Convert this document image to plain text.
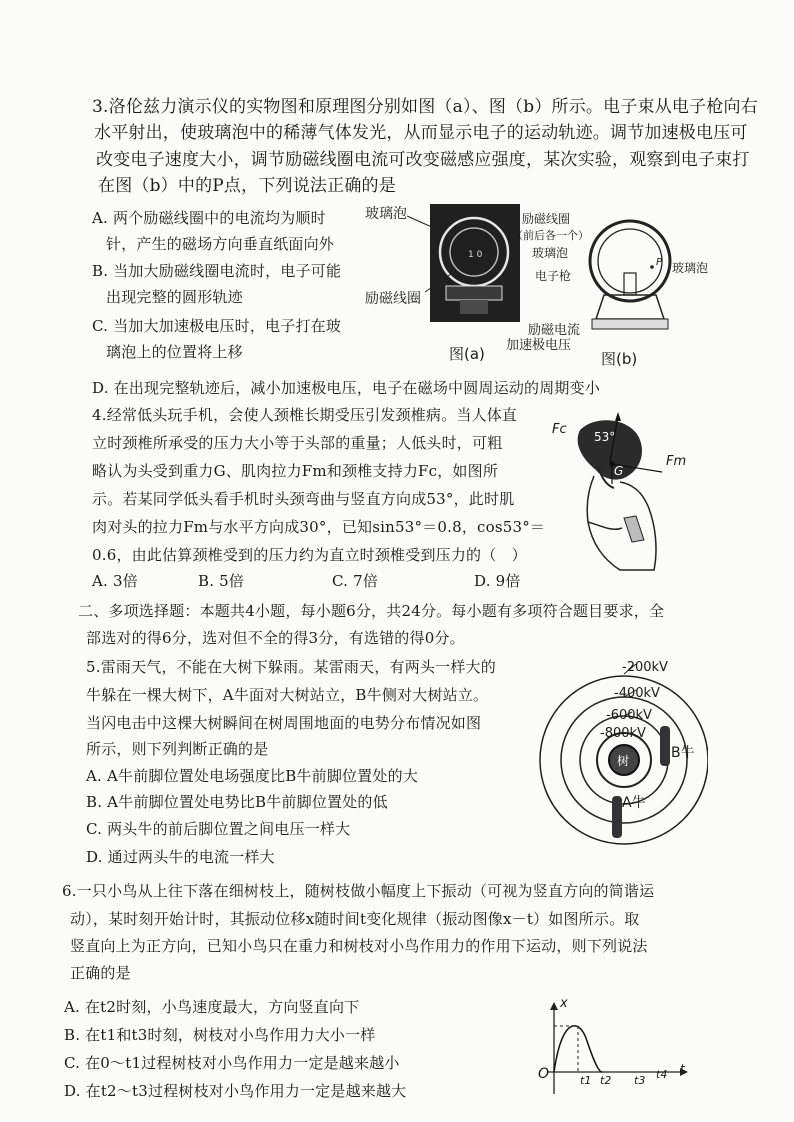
3.洛伦兹力演示仪的实物图和原理图分别如图（a）、图（b）所示。电子束从电子枪向右
水平射出，使玻璃泡中的稀薄气体发光，从而显示电子的运动轨迹。调节加速极电压可
改变电子速度大小，调节励磁线圈电流可改变磁感应强度，某次实验，观察到电子束打
在图（b）中的P点，下列说法正确的是
A. 两个励磁线圈中的电流均为顺时
针，产生的磁场方向垂直纸面向外
B. 当加大励磁线圈电流时，电子可能
出现完整的圆形轨迹
C. 当加大加速极电压时，电子打在玻
璃泡上的位置将上移
D. 在出现完整轨迹后，减小加速极电压，电子在磁场中圆周运动的周期变小
1 0
玻璃泡
励磁线圈
图(a)
励磁线圈
（前后各一个）
玻璃泡
电子枪
玻璃泡
P
励磁电流
加速极电压
图(b)
4.经常低头玩手机，会使人颈椎长期受压引发颈椎病。当人体直
立时颈椎所承受的压力大小等于头部的重量；人低头时，可粗
略认为头受到重力G、肌肉拉力Fm和颈椎支持力Fc，如图所
示。若某同学低头看手机时头颈弯曲与竖直方向成53°，此时肌
肉对头的拉力Fm与水平方向成30°，已知sin53°＝0.8，cos53°＝
0.6，由此估算颈椎受到的压力约为直立时颈椎受到压力的（　）
A. 3倍	B. 5倍	C. 7倍	D. 9倍
Fc 53°
Fm
G
二、多项选择题：本题共4小题，每小题6分，共24分。每小题有多项符合题目要求，全
部选对的得6分，选对但不全的得3分，有选错的得0分。
5.雷雨天气，不能在大树下躲雨。某雷雨天，有两头一样大的
牛躲在一棵大树下，A牛面对大树站立，B牛侧对大树站立。
当闪电击中这棵大树瞬间在树周围地面的电势分布情况如图
所示，则下列判断正确的是
A. A牛前脚位置处电场强度比B牛前脚位置处的大
B. A牛前脚位置处电势比B牛前脚位置处的低
C. 两头牛的前后脚位置之间电压一样大
D. 通过两头牛的电流一样大
-200kV
-400kV
-600kV
-800kV
树	B牛
A牛
6.一只小鸟从上往下落在细树枝上，随树枝做小幅度上下振动（可视为竖直方向的简谐运
动），某时刻开始计时，其振动位移x随时间t变化规律（振动图像x－t）如图所示。取
竖直向上为正方向，已知小鸟只在重力和树枝对小鸟作用力的作用下运动，则下列说法
正确的是
A. 在t2时刻，小鸟速度最大，方向竖直向下
B. 在t1和t3时刻，树枝对小鸟作用力大小一样
C. 在0～t1过程树枝对小鸟作用力一定是越来越小
D. 在t2～t3过程树枝对小鸟作用力一定是越来越大
x
O	t1 t2 t3 t4 t
